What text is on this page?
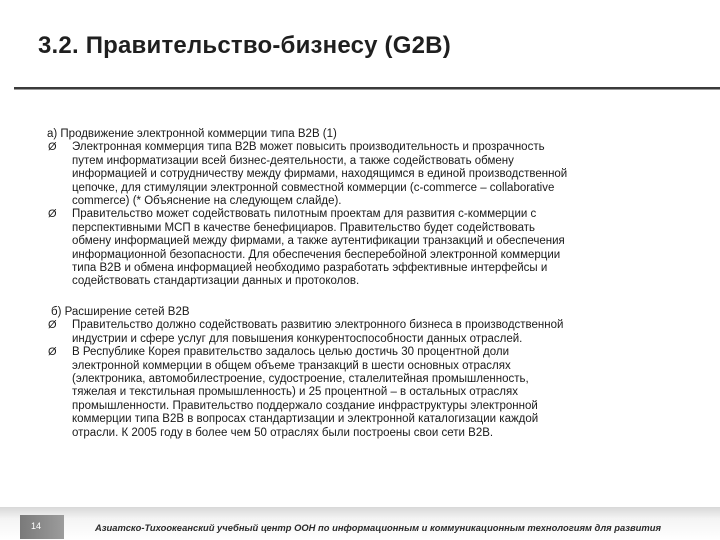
3.2. Правительство-бизнесу (G2B)

а) Продвижение электронной коммерции типа B2B (1)

Ø Электронная коммерция типа B2B может повысить производительность и прозрачность
путем информатизации всей бизнес-деятельности, а также содействовать обмену
информацией и сотрудничеству между фирмами, находящимся в единой производственной
цепочке, для стимуляции электронной совместной коммерции (c-commerce – collaborative
commerce) (* Объяснение на следующем слайде).
Ø Правительство может содействовать пилотным проектам для развития c-коммерции с
перспективными МСП в качестве бенефициаров. Правительство будет содействовать
обмену информацией между фирмами, а также аутентификации транзакций и обеспечения
информационной безопасности. Для обеспечения бесперебойной электронной коммерции
типа B2B и обмена информацией необходимо разработать эффективные интерфейсы и
содействовать стандартизации данных и протоколов.

б) Расширение сетей B2B

Ø Правительство должно содействовать развитию электронного бизнеса в производственной
индустрии и сфере услуг для повышения конкурентоспособности данных отраслей.
Ø В Республике Корея правительство задалось целью достичь 30 процентной доли
электронной коммерции в общем объеме транзакций в шести основных отраслях
(электроника, автомобилестроение, судостроение, сталелитейная промышленность,
тяжелая и текстильная промышленность) и 25 процентной – в остальных отраслях
промышленности. Правительство поддержало создание инфраструктуры электронной
коммерции типа B2B в вопросах стандартизации и электронной каталогизации каждой
отрасли. К 2005 году в более чем 50 отраслях были построены свои сети B2B.
14	Азиатско-Тихоокеанский учебный центр ООН по информационным и коммуникационным технологиям для развития
